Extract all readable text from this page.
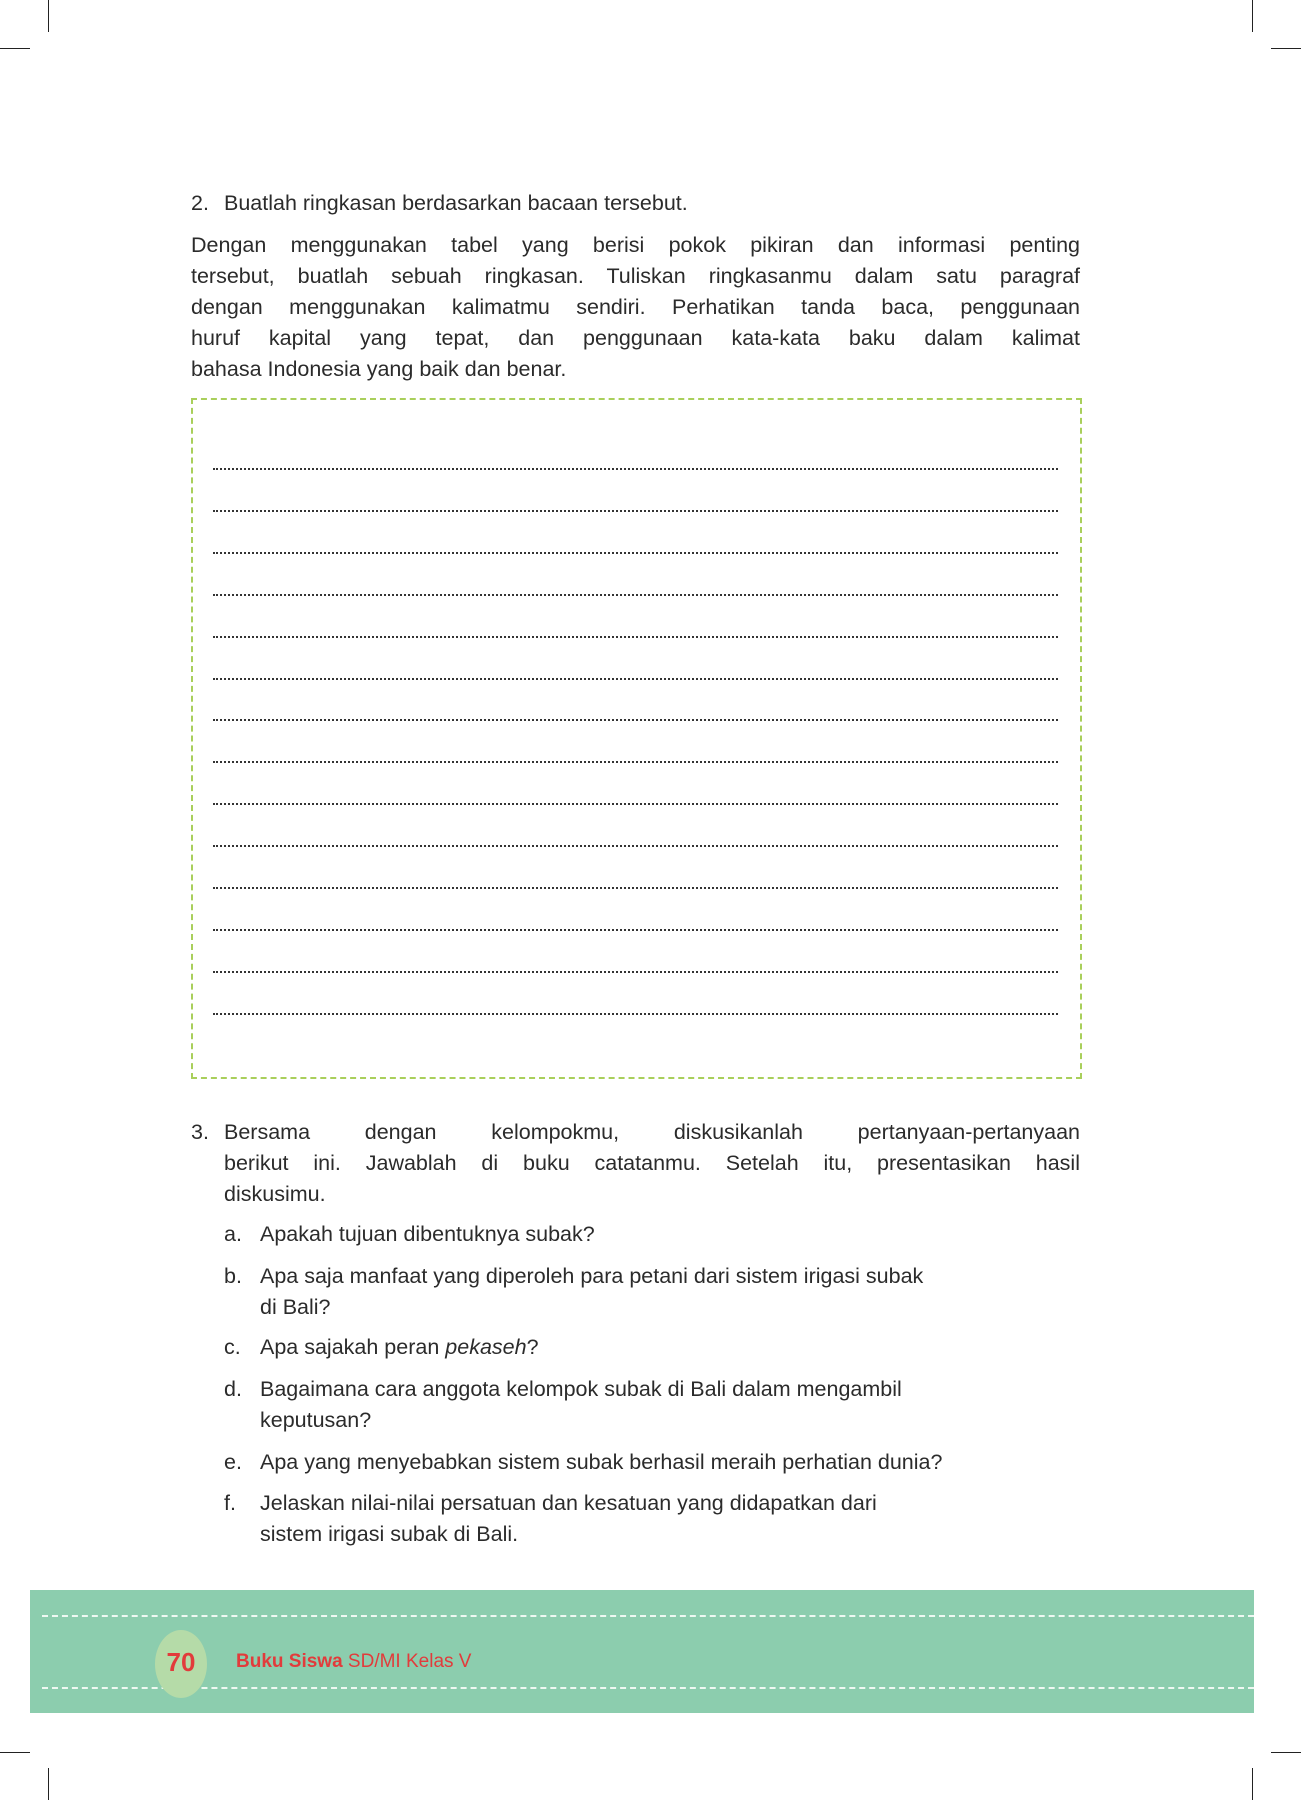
2. Buatlah ringkasan berdasarkan bacaan tersebut.
Dengan menggunakan tabel yang berisi pokok pikiran dan informasi penting
tersebut, buatlah sebuah ringkasan. Tuliskan ringkasanmu dalam satu paragraf
dengan menggunakan kalimatmu sendiri. Perhatikan tanda baca, penggunaan
huruf kapital yang tepat, dan penggunaan kata-kata baku dalam kalimat
bahasa Indonesia yang baik dan benar.
3. Bersama dengan kelompokmu, diskusikanlah pertanyaan-pertanyaan
berikut ini. Jawablah di buku catatanmu. Setelah itu, presentasikan hasil
diskusimu.
a. Apakah tujuan dibentuknya subak?
b. Apa saja manfaat yang diperoleh para petani dari sistem irigasi subak
di Bali?
c. Apa sajakah peran pekaseh?
d. Bagaimana cara anggota kelompok subak di Bali dalam mengambil
keputusan?
e. Apa yang menyebabkan sistem subak berhasil meraih perhatian dunia?
f. Jelaskan nilai-nilai persatuan dan kesatuan yang didapatkan dari
sistem irigasi subak di Bali.
70	Buku Siswa SD/MI Kelas V
